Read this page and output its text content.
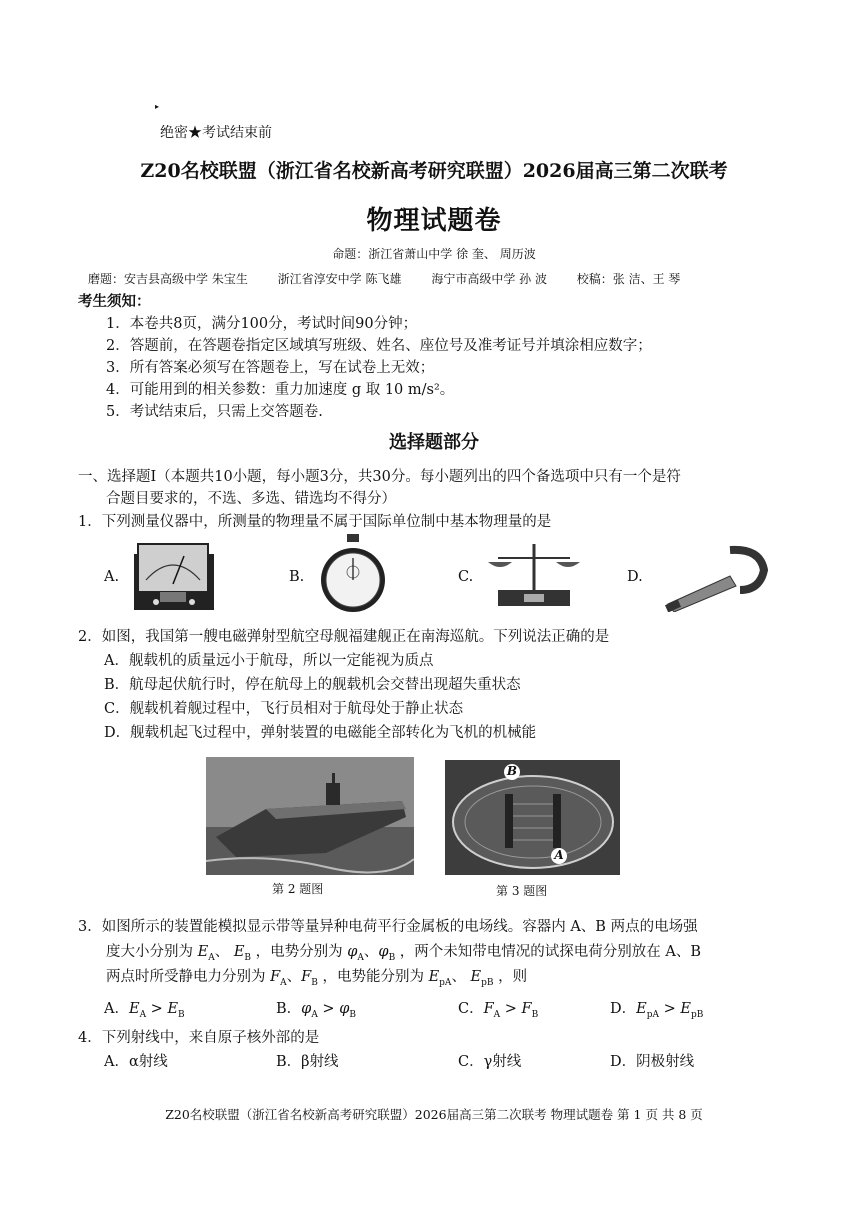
▸
绝密★考试结束前
Z20名校联盟（浙江省名校新高考研究联盟）2026届高三第二次联考
物理试题卷
命题：浙江省萧山中学 徐 奎、 周历波
磨题：安吉县高级中学 朱宝生 浙江省淳安中学 陈飞雄 海宁市高级中学 孙 波 校稿：张 洁、王 琴
考生须知：
1．本卷共8页，满分100分，考试时间90分钟；
2．答题前，在答题卷指定区域填写班级、姓名、座位号及准考证号并填涂相应数字；
3．所有答案必须写在答题卷上，写在试卷上无效；
4．可能用到的相关参数：重力加速度 g 取 10 m/s²。
5．考试结束后，只需上交答题卷.
选择题部分
一、选择题Ⅰ（本题共10小题，每小题3分，共30分。每小题列出的四个备选项中只有一个是符
合题目要求的，不选、多选、错选均不得分）
1．下列测量仪器中，所测量的物理量不属于国际单位制中基本物理量的是
A.	B.	C.	D.
2．如图，我国第一艘电磁弹射型航空母舰福建舰正在南海巡航。下列说法正确的是
A．舰载机的质量远小于航母，所以一定能视为质点
B．航母起伏航行时，停在航母上的舰载机会交替出现超失重状态
C．舰载机着舰过程中，飞行员相对于航母处于静止状态
D．舰载机起飞过程中，弹射装置的电磁能全部转化为飞机的机械能
第 2 题图
B
A
第 3 题图
3．如图所示的装置能模拟显示带等量异种电荷平行金属板的电场线。容器内 A、B 两点的电场强
度大小分别为 $E_A$、 $E_B$ ，电势分别为 $\varphi_A$、$\varphi_B$ ，两个未知带电情况的试探电荷分别放在 A、B
两点时所受静电力分别为 $F_A$、$F_B$ ，电势能分别为 $E_{pA}$、 $E_{pB}$ ，则
A．$E_A > E_B$	B．$\varphi_A > \varphi_B$	C．$F_A > F_B$	D．$E_{pA} > E_{pB}$
4．下列射线中，来自原子核外部的是
A．α射线	B．β射线	C．γ射线	D．阴极射线
Z20名校联盟（浙江省名校新高考研究联盟）2026届高三第二次联考 物理试题卷 第 1 页 共 8 页
